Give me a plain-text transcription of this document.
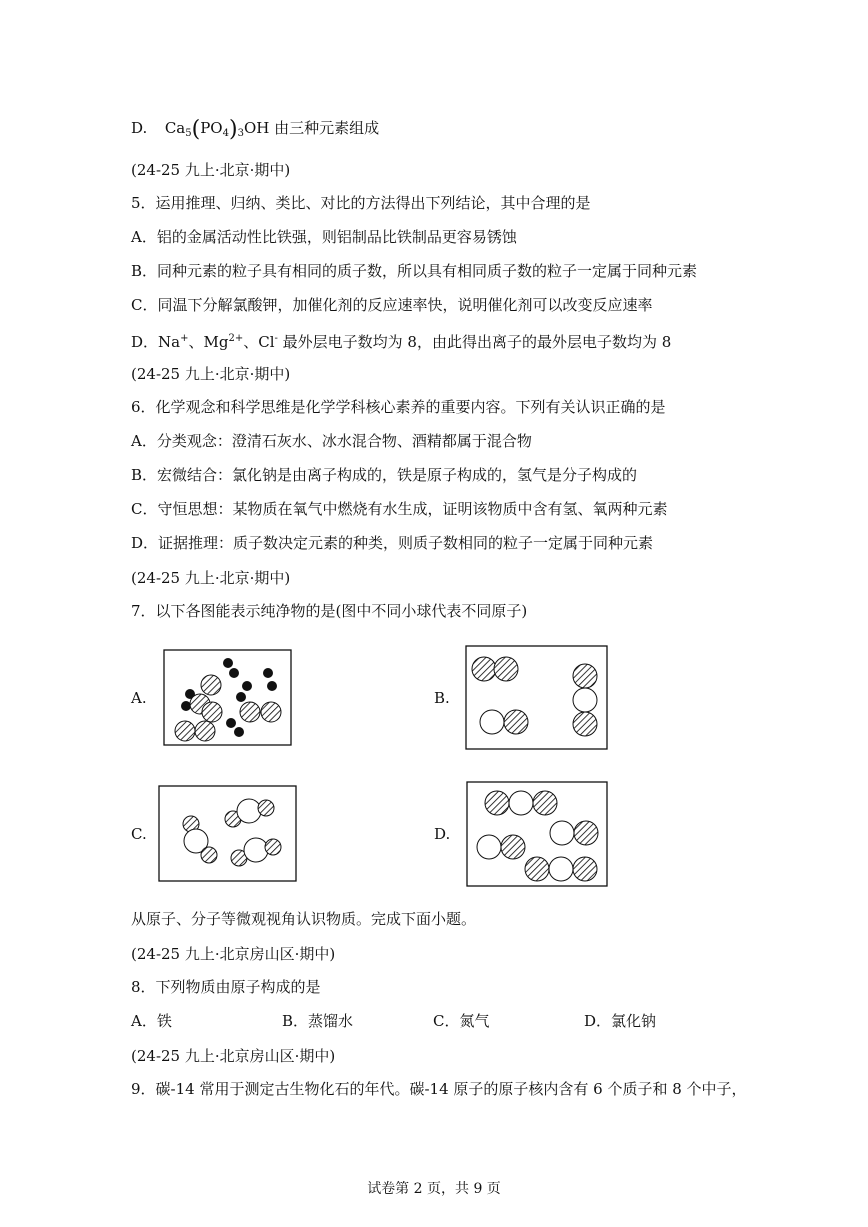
D. $Ca_5(PO_4)_3OH$ 由三种元素组成
(24-25 九上·北京·期中)
5．运用推理、归纳、类比、对比的方法得出下列结论，其中合理的是
A．铝的金属活动性比铁强，则铝制品比铁制品更容易锈蚀
B．同种元素的粒子具有相同的质子数，所以具有相同质子数的粒子一定属于同种元素
C．同温下分解氯酸钾，加催化剂的反应速率快，说明催化剂可以改变反应速率
D．Na+、$Mg^{2+}$、Cl- 最外层电子数均为 8，由此得出离子的最外层电子数均为 8
(24-25 九上·北京·期中)
6．化学观念和科学思维是化学学科核心素养的重要内容。下列有关认识正确的是
A．分类观念：澄清石灰水、冰水混合物、酒精都属于混合物
B．宏微结合：氯化钠是由离子构成的，铁是原子构成的，氢气是分子构成的
C．守恒思想：某物质在氧气中燃烧有水生成，证明该物质中含有氢、氧两种元素
D．证据推理：质子数决定元素的种类，则质子数相同的粒子一定属于同种元素
(24-25 九上·北京·期中)
7．以下各图能表示纯净物的是(图中不同小球代表不同原子)
A.	B.
C.	D.
从原子、分子等微观视角认识物质。完成下面小题。
(24-25 九上·北京房山区·期中)
8．下列物质由原子构成的是
A．铁	B．蒸馏水	C．氮气	D．氯化钠
(24-25 九上·北京房山区·期中)
9．碳-14 常用于测定古生物化石的年代。碳-14 原子的原子核内含有 6 个质子和 8 个中子，
试卷第 2 页，共 9 页
